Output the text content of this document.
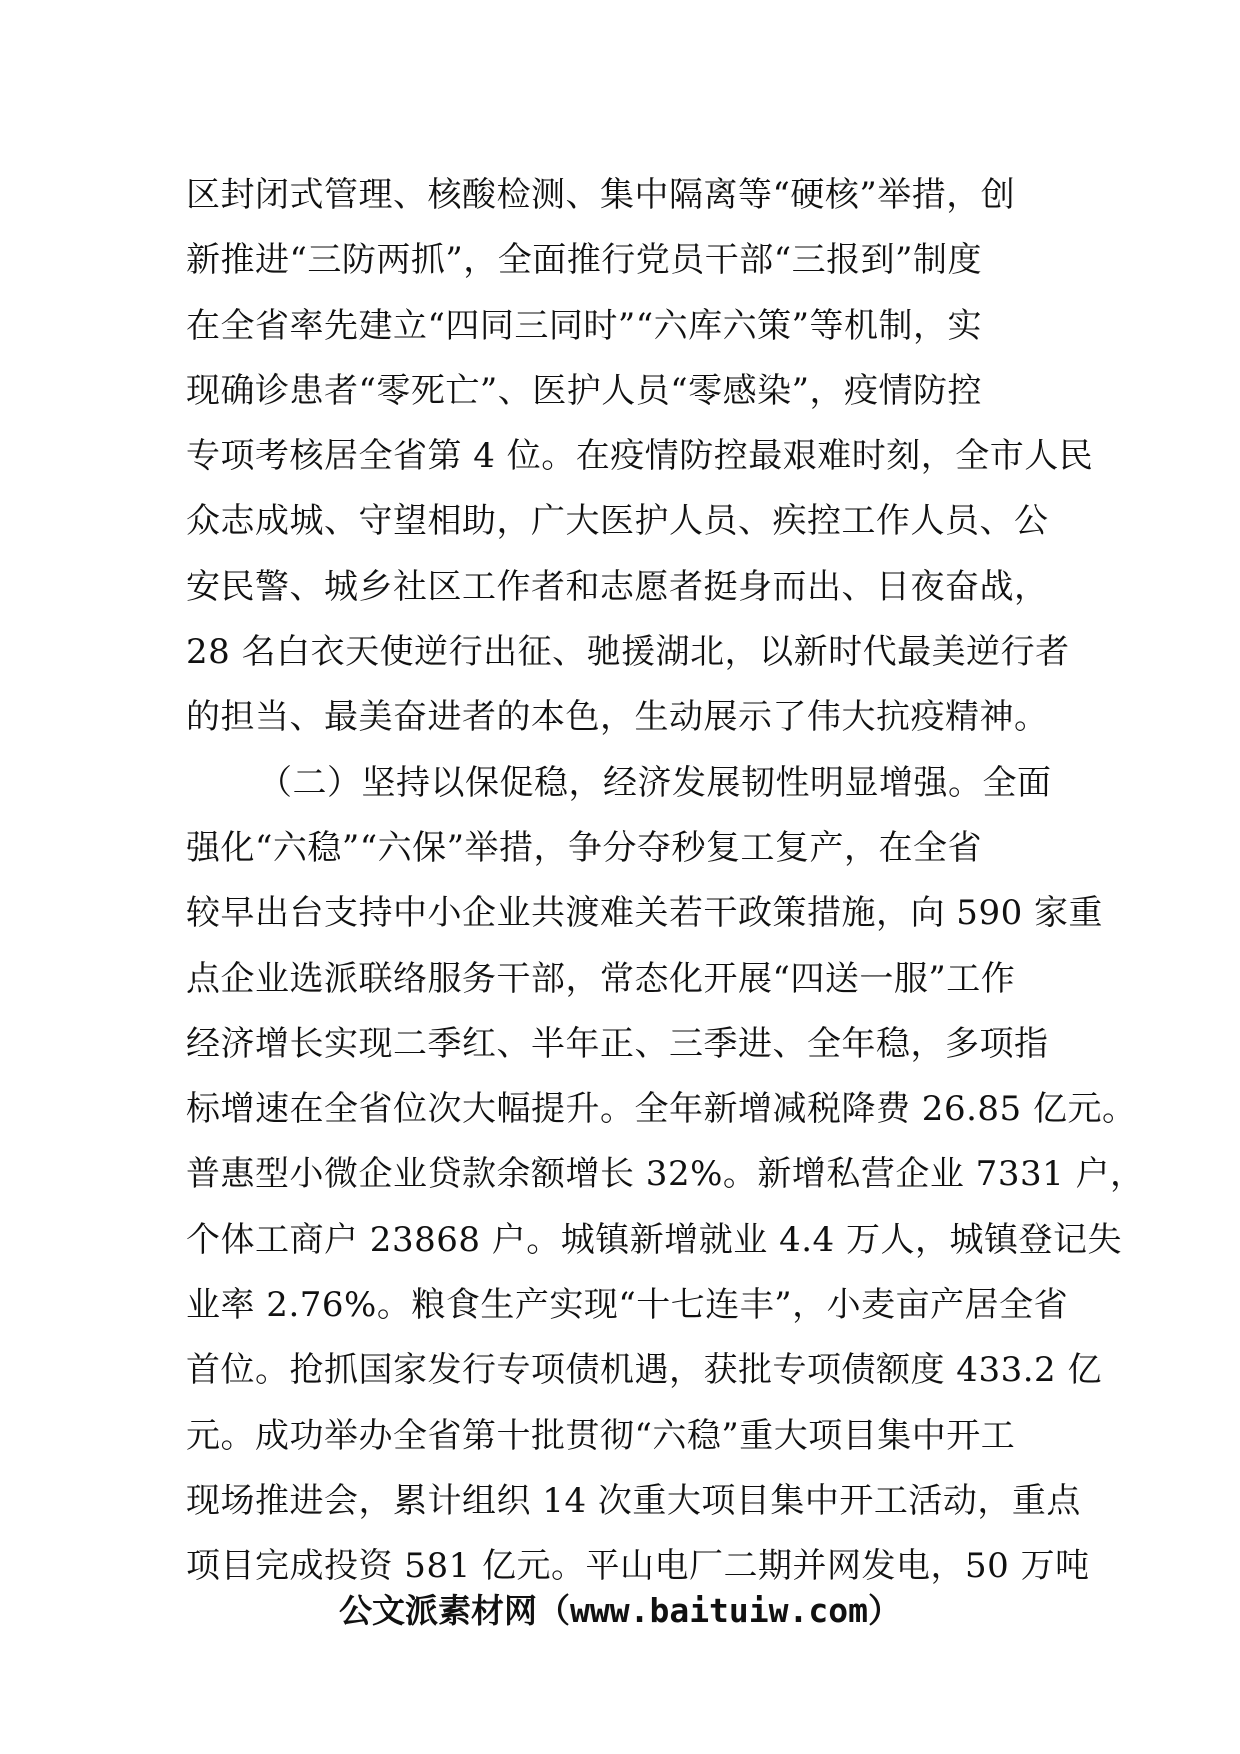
区封闭式管理、核酸检测、集中隔离等“硬核”举措，创
新推进“三防两抓”，全面推行党员干部“三报到”制度
在全省率先建立“四同三同时”“六库六策”等机制，实
现确诊患者“零死亡”、医护人员“零感染”，疫情防控
专项考核居全省第 4 位。在疫情防控最艰难时刻，全市人民
众志成城、守望相助，广大医护人员、疾控工作人员、公
安民警、城乡社区工作者和志愿者挺身而出、日夜奋战，
28 名白衣天使逆行出征、驰援湖北，以新时代最美逆行者
的担当、最美奋进者的本色，生动展示了伟大抗疫精神。
（二）坚持以保促稳，经济发展韧性明显增强。全面
强化“六稳”“六保”举措，争分夺秒复工复产，在全省
较早出台支持中小企业共渡难关若干政策措施，向 590 家重
点企业选派联络服务干部，常态化开展“四送一服”工作
经济增长实现二季红、半年正、三季进、全年稳，多项指
标增速在全省位次大幅提升。全年新增减税降费 26.85 亿元。
普惠型小微企业贷款余额增长 32%。新增私营企业 7331 户，
个体工商户 23868 户。城镇新增就业 4.4 万人，城镇登记失
业率 2.76%。粮食生产实现“十七连丰”，小麦亩产居全省
首位。抢抓国家发行专项债机遇，获批专项债额度 433.2 亿
元。成功举办全省第十批贯彻“六稳”重大项目集中开工
现场推进会，累计组织 14 次重大项目集中开工活动，重点
项目完成投资 581 亿元。平山电厂二期并网发电，50 万吨
公文派素材网（www.baituiw.com）
